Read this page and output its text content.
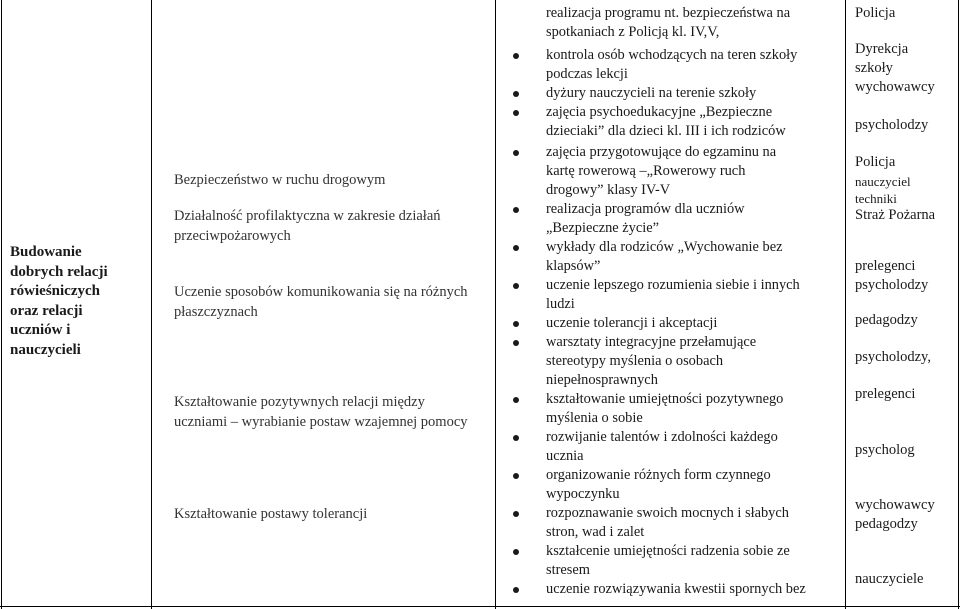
Budowanie
dobrych relacji
rówieśniczych
oraz relacji
uczniów i
nauczycieli
Bezpieczeństwo w ruchu drogowym
Działalność profilaktyczna w zakresie działań przeciwpożarowych
Uczenie sposobów komunikowania się na różnych płaszczyznach
Kształtowanie pozytywnych relacji między uczniami – wyrabianie postaw wzajemnej pomocy
Kształtowanie postawy tolerancji
realizacja programu nt. bezpieczeństwa na
spotkaniach z Policją kl. IV,V,
kontrola osób wchodzących na teren szkoły
podczas lekcji
dyżury nauczycieli na terenie szkoły
zajęcia psychoedukacyjne „Bezpieczne
dzieciaki” dla dzieci kl. III i ich rodziców
zajęcia przygotowujące do egzaminu na
kartę rowerową –„Rowerowy ruch
drogowy” klasy IV-V
realizacja programów dla uczniów
„Bezpieczne życie”
wykłady dla rodziców „Wychowanie bez
klapsów”
uczenie lepszego rozumienia siebie i innych
ludzi
uczenie tolerancji i akceptacji
warsztaty integracyjne przełamujące
stereotypy myślenia o osobach
niepełnosprawnych
kształtowanie umiejętności pozytywnego
myślenia o sobie
rozwijanie talentów i zdolności każdego
ucznia
organizowanie różnych form czynnego
wypoczynku
rozpoznawanie swoich mocnych i słabych
stron, wad i zalet
kształcenie umiejętności radzenia sobie ze
stresem
uczenie rozwiązywania kwestii spornych bez
Policja
Dyrekcja
szkoły
wychowawcy
psycholodzy
Policja
nauczyciel
techniki
Straż Pożarna
prelegenci
psycholodzy
pedagodzy
psycholodzy,
prelegenci
psycholog
wychowawcy
pedagodzy
nauczyciele
